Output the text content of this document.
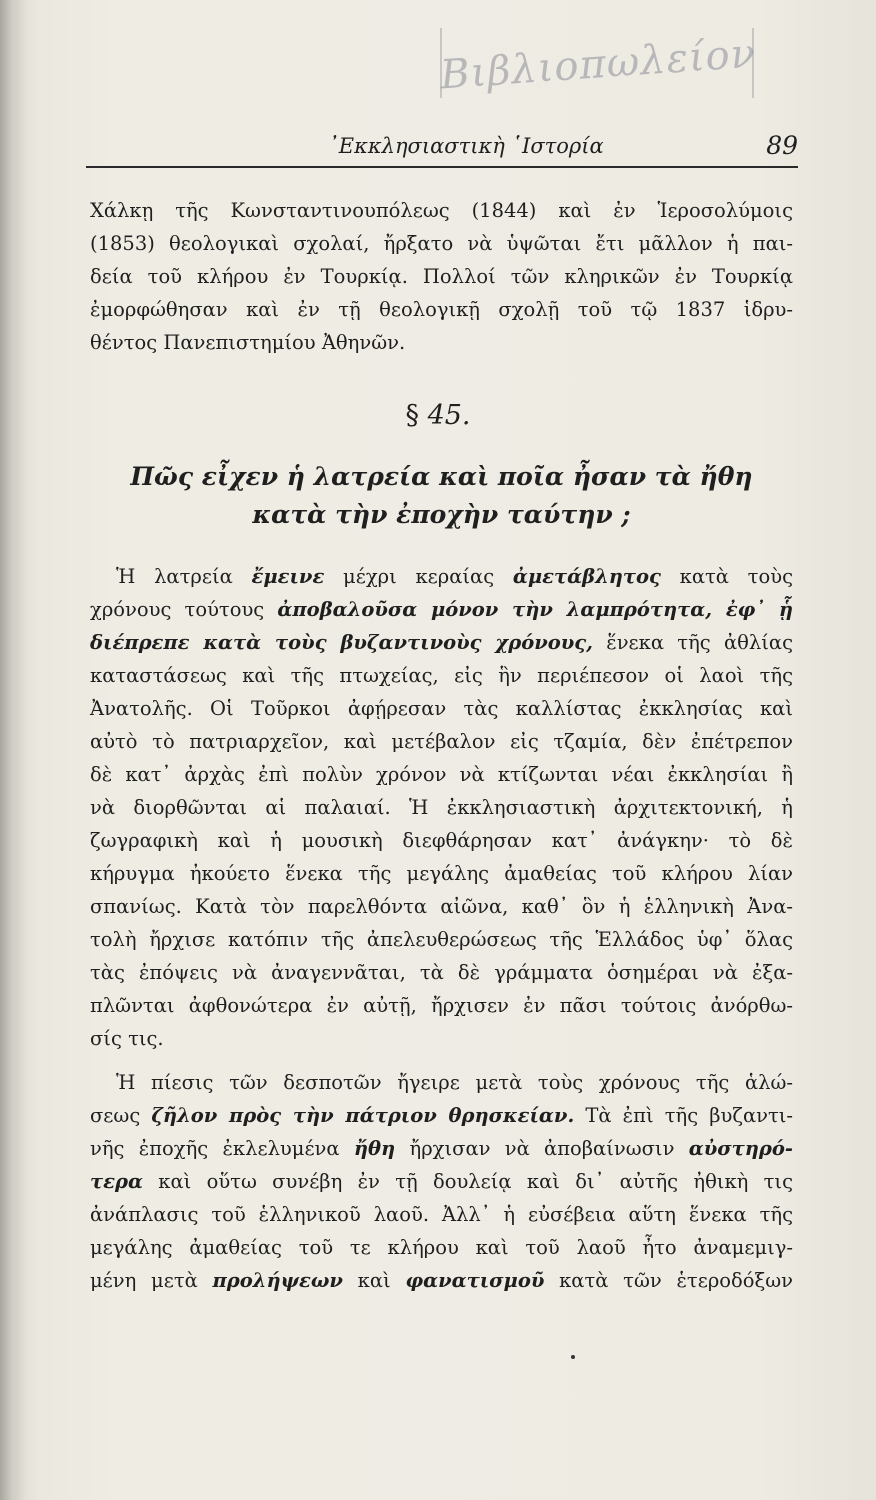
Βιβλιοπωλείον
᾿Εκκλησιαστικὴ ῾Ιστορία	89

Χάλκῃ τῆς Κωνσταντινουπόλεως (1844) καὶ ἐν Ἱεροσολύμοις
(1853) θεολογικαὶ σχολαί, ἤρξατο νὰ ὑψῶται ἔτι μᾶλλον ἡ παι-
δεία τοῦ κλήρου ἐν Τουρκίᾳ. Πολλοί τῶν κληρικῶν ἐν Τουρκίᾳ
ἐμορφώθησαν καὶ ἐν τῇ θεολογικῇ σχολῇ τοῦ τῷ 1837 ἱδρυ-
θέντος Πανεπιστημίου Ἀθηνῶν.

§ 45.
Πῶς εἶχεν ἡ λατρεία καὶ ποῖα ἦσαν τὰ ἤθη
κατὰ τὴν ἐποχὴν ταύτην ;

Ἡ λατρεία ἔμεινε μέχρι κεραίας ἀμετάβλητος κατὰ τοὺς
χρόνους τούτους ἀποβαλοῦσα μόνον τὴν λαμπρότητα, ἐφ᾿ ᾗ
διέπρεπε κατὰ τοὺς βυζαντινοὺς χρόνους, ἕνεκα τῆς ἀθλίας
καταστάσεως καὶ τῆς πτωχείας, εἰς ἣν περιέπεσον οἱ λαοὶ τῆς
Ἀνατολῆς. Οἱ Τοῦρκοι ἀφῄρεσαν τὰς καλλίστας ἐκκλησίας καὶ
αὐτὸ τὸ πατριαρχεῖον, καὶ μετέβαλον εἰς τζαμία, δὲν ἐπέτρεπον
δὲ κατ᾿ ἀρχὰς ἐπὶ πολὺν χρόνον νὰ κτίζωνται νέαι ἐκκλησίαι ἢ
νὰ διορθῶνται αἱ παλαιαί. Ἡ ἐκκλησιαστικὴ ἀρχιτεκτονική, ἡ
ζωγραφικὴ καὶ ἡ μουσικὴ διεφθάρησαν κατ᾿ ἀνάγκην· τὸ δὲ
κήρυγμα ἠκούετο ἕνεκα τῆς μεγάλης ἀμαθείας τοῦ κλήρου λίαν
σπανίως. Κατὰ τὸν παρελθόντα αἰῶνα, καθ᾿ ὃν ἡ ἑλληνικὴ Ἀνα-
τολὴ ἤρχισε κατόπιν τῆς ἀπελευθερώσεως τῆς Ἑλλάδος ὑφ᾿ ὅλας
τὰς ἐπόψεις νὰ ἀναγεννᾶται, τὰ δὲ γράμματα ὁσημέραι νὰ ἐξα-
πλῶνται ἀφθονώτερα ἐν αὐτῇ, ἤρχισεν ἐν πᾶσι τούτοις ἀνόρθω-
σίς τις.

Ἡ πίεσις τῶν δεσποτῶν ἤγειρε μετὰ τοὺς χρόνους τῆς ἁλώ-
σεως ζῆλον πρὸς τὴν πάτριον θρησκείαν. Τὰ ἐπὶ τῆς βυζαντι-
νῆς ἐποχῆς ἐκλελυμένα ἤθη ἤρχισαν νὰ ἀποβαίνωσιν αὐστηρό-
τερα καὶ οὕτω συνέβη ἐν τῇ δουλείᾳ καὶ δι᾿ αὐτῆς ἠθικὴ τις
ἀνάπλασις τοῦ ἑλληνικοῦ λαοῦ. Ἀλλ᾿ ἡ εὐσέβεια αὕτη ἕνεκα τῆς
μεγάλης ἀμαθείας τοῦ τε κλήρου καὶ τοῦ λαοῦ ἦτο ἀναμεμιγ-
μένη μετὰ προλήψεων καὶ φανατισμοῦ κατὰ τῶν ἑτεροδόξων
